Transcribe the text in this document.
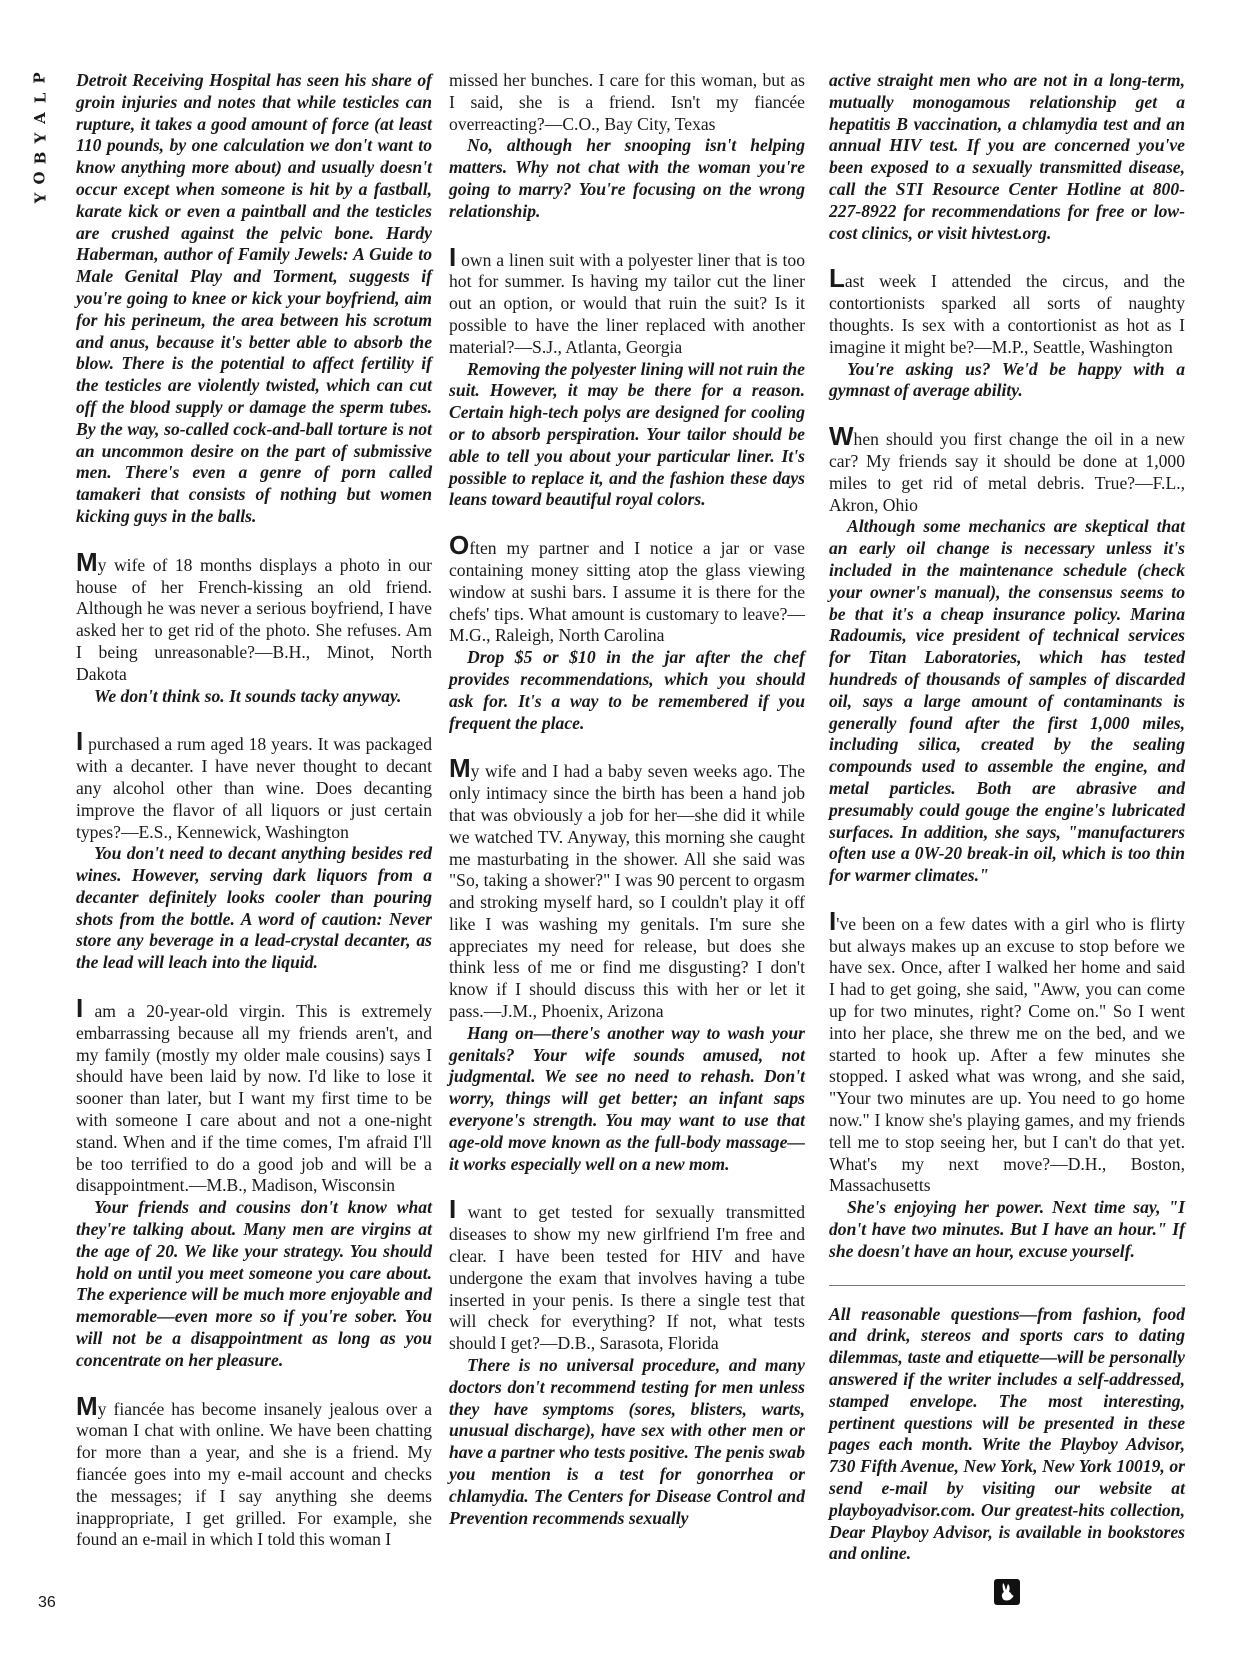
P
L
A
Y
B
O
Y
36

Detroit Receiving Hospital has seen his share of groin injuries and notes that while testicles can rupture, it takes a good amount of force (at least 110 pounds, by one calculation we don't want to know anything more about) and usually doesn't occur except when someone is hit by a fastball, karate kick or even a paintball and the testicles are crushed against the pelvic bone. Hardy Haberman, author of Family Jewels: A Guide to Male Genital Play and Torment, suggests if you're going to knee or kick your boyfriend, aim for his perineum, the area between his scrotum and anus, because it's better able to absorb the blow. There is the potential to affect fertility if the testicles are violently twisted, which can cut off the blood supply or damage the sperm tubes. By the way, so-called cock-and-ball torture is not an uncommon desire on the part of submissive men. There's even a genre of porn called tamakeri that consists of nothing but women kicking guys in the balls.

My wife of 18 months displays a photo in our house of her French-kissing an old friend. Although he was never a serious boyfriend, I have asked her to get rid of the photo. She refuses. Am I being unreasonable?—B.H., Minot, North Dakota

We don't think so. It sounds tacky anyway.

I purchased a rum aged 18 years. It was packaged with a decanter. I have never thought to decant any alcohol other than wine. Does decanting improve the flavor of all liquors or just certain types?—E.S., Kennewick, Washington

You don't need to decant anything besides red wines. However, serving dark liquors from a decanter definitely looks cooler than pouring shots from the bottle. A word of caution: Never store any beverage in a lead-crystal decanter, as the lead will leach into the liquid.

I am a 20-year-old virgin. This is extremely embarrassing because all my friends aren't, and my family (mostly my older male cousins) says I should have been laid by now. I'd like to lose it sooner than later, but I want my first time to be with someone I care about and not a one-night stand. When and if the time comes, I'm afraid I'll be too terrified to do a good job and will be a disappointment.—M.B., Madison, Wisconsin

Your friends and cousins don't know what they're talking about. Many men are virgins at the age of 20. We like your strategy. You should hold on until you meet someone you care about. The experience will be much more enjoyable and memorable—even more so if you're sober. You will not be a disappointment as long as you concentrate on her pleasure.

My fiancée has become insanely jealous over a woman I chat with online. We have been chatting for more than a year, and she is a friend. My fiancée goes into my e-mail account and checks the messages; if I say anything she deems inappropriate, I get grilled. For example, she found an e-mail in which I told this woman I

missed her bunches. I care for this woman, but as I said, she is a friend. Isn't my fiancée overreacting?—C.O., Bay City, Texas

No, although her snooping isn't helping matters. Why not chat with the woman you're going to marry? You're focusing on the wrong relationship.

I own a linen suit with a polyester liner that is too hot for summer. Is having my tailor cut the liner out an option, or would that ruin the suit? Is it possible to have the liner replaced with another material?—S.J., Atlanta, Georgia

Removing the polyester lining will not ruin the suit. However, it may be there for a reason. Certain high-tech polys are designed for cooling or to absorb perspiration. Your tailor should be able to tell you about your particular liner. It's possible to replace it, and the fashion these days leans toward beautiful royal colors.

Often my partner and I notice a jar or vase containing money sitting atop the glass viewing window at sushi bars. I assume it is there for the chefs' tips. What amount is customary to leave?—M.G., Raleigh, North Carolina

Drop $5 or $10 in the jar after the chef provides recommendations, which you should ask for. It's a way to be remembered if you frequent the place.

My wife and I had a baby seven weeks ago. The only intimacy since the birth has been a hand job that was obviously a job for her—she did it while we watched TV. Anyway, this morning she caught me masturbating in the shower. All she said was "So, taking a shower?" I was 90 percent to orgasm and stroking myself hard, so I couldn't play it off like I was washing my genitals. I'm sure she appreciates my need for release, but does she think less of me or find me disgusting? I don't know if I should discuss this with her or let it pass.—J.M., Phoenix, Arizona

Hang on—there's another way to wash your genitals? Your wife sounds amused, not judgmental. We see no need to rehash. Don't worry, things will get better; an infant saps everyone's strength. You may want to use that age-old move known as the full-body massage—it works especially well on a new mom.

I want to get tested for sexually transmitted diseases to show my new girlfriend I'm free and clear. I have been tested for HIV and have undergone the exam that involves having a tube inserted in your penis. Is there a single test that will check for everything? If not, what tests should I get?—D.B., Sarasota, Florida

There is no universal procedure, and many doctors don't recommend testing for men unless they have symptoms (sores, blisters, warts, unusual discharge), have sex with other men or have a partner who tests positive. The penis swab you mention is a test for gonorrhea or chlamydia. The Centers for Disease Control and Prevention recommends sexually

active straight men who are not in a long-term, mutually monogamous relationship get a hepatitis B vaccination, a chlamydia test and an annual HIV test. If you are concerned you've been exposed to a sexually transmitted disease, call the STI Resource Center Hotline at 800-227-8922 for recommendations for free or low-cost clinics, or visit hivtest.org.

Last week I attended the circus, and the contortionists sparked all sorts of naughty thoughts. Is sex with a contortionist as hot as I imagine it might be?—M.P., Seattle, Washington

You're asking us? We'd be happy with a gymnast of average ability.

When should you first change the oil in a new car? My friends say it should be done at 1,000 miles to get rid of metal debris. True?—F.L., Akron, Ohio

Although some mechanics are skeptical that an early oil change is necessary unless it's included in the maintenance schedule (check your owner's manual), the consensus seems to be that it's a cheap insurance policy. Marina Radoumis, vice president of technical services for Titan Laboratories, which has tested hundreds of thousands of samples of discarded oil, says a large amount of contaminants is generally found after the first 1,000 miles, including silica, created by the sealing compounds used to assemble the engine, and metal particles. Both are abrasive and presumably could gouge the engine's lubricated surfaces. In addition, she says, "manufacturers often use a 0W-20 break-in oil, which is too thin for warmer climates."

I've been on a few dates with a girl who is flirty but always makes up an excuse to stop before we have sex. Once, after I walked her home and said I had to get going, she said, "Aww, you can come up for two minutes, right? Come on." So I went into her place, she threw me on the bed, and we started to hook up. After a few minutes she stopped. I asked what was wrong, and she said, "Your two minutes are up. You need to go home now." I know she's playing games, and my friends tell me to stop seeing her, but I can't do that yet. What's my next move?—D.H., Boston, Massachusetts

She's enjoying her power. Next time say, "I don't have two minutes. But I have an hour." If she doesn't have an hour, excuse yourself.

All reasonable questions—from fashion, food and drink, stereos and sports cars to dating dilemmas, taste and etiquette—will be personally answered if the writer includes a self-addressed, stamped envelope. The most interesting, pertinent questions will be presented in these pages each month. Write the Playboy Advisor, 730 Fifth Avenue, New York, New York 10019, or send e-mail by visiting our website at playboyadvisor.com. Our greatest-hits collection, Dear Playboy Advisor, is available in bookstores and online.
